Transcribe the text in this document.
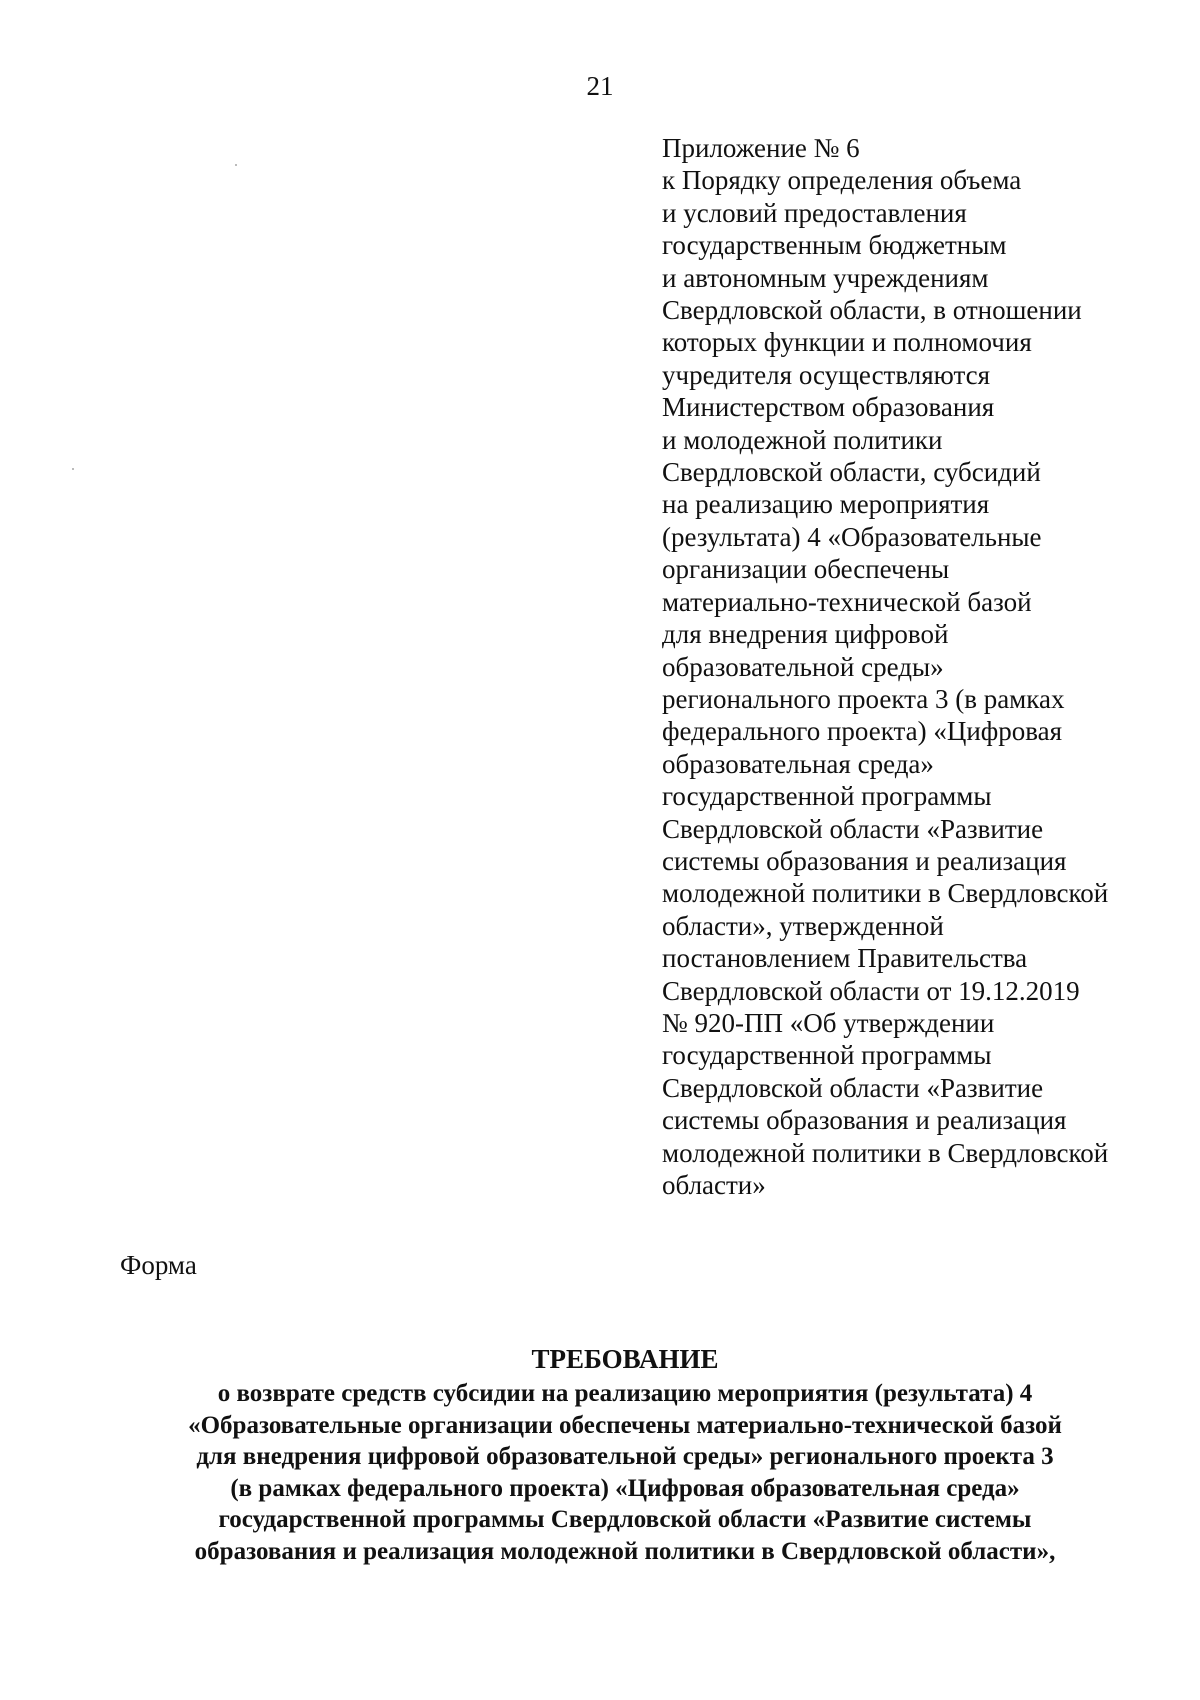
21
Приложение № 6
к Порядку определения объема
и условий предоставления
государственным бюджетным
и автономным учреждениям
Свердловской области, в отношении
которых функции и полномочия
учредителя осуществляются
Министерством образования
и молодежной политики
Свердловской области, субсидий
на реализацию мероприятия
(результата) 4 «Образовательные
организации обеспечены
материально-технической базой
для внедрения цифровой
образовательной среды»
регионального проекта 3 (в рамках
федерального проекта) «Цифровая
образовательная среда»
государственной программы
Свердловской области «Развитие
системы образования и реализация
молодежной политики в Свердловской
области», утвержденной
постановлением Правительства
Свердловской области от 19.12.2019
№ 920-ПП «Об утверждении
государственной программы
Свердловской области «Развитие
системы образования и реализация
молодежной политики в Свердловской
области»
Форма
ТРЕБОВАНИЕ
о возврате средств субсидии на реализацию мероприятия (результата) 4
«Образовательные организации обеспечены материально-технической базой
для внедрения цифровой образовательной среды» регионального проекта 3
(в рамках федерального проекта) «Цифровая образовательная среда»
государственной программы Свердловской области «Развитие системы
образования и реализация молодежной политики в Свердловской области»,
